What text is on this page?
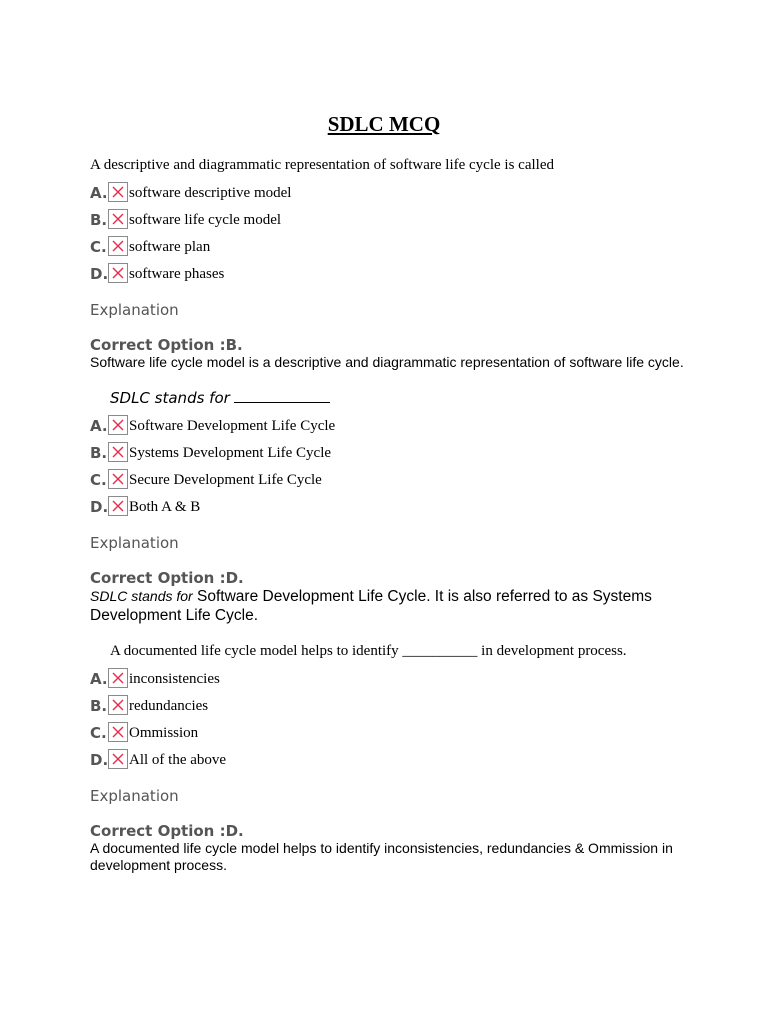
SDLC MCQ
A descriptive and diagrammatic representation of software life cycle is called
A. software descriptive model
B. software life cycle model
C. software plan
D. software phases
Explanation
Correct Option :B.
Software life cycle model is a descriptive and diagrammatic representation of software life cycle.
SDLC stands for
A. Software Development Life Cycle
B. Systems Development Life Cycle
C. Secure Development Life Cycle
D. Both A & B
Explanation
Correct Option :D.
SDLC stands for Software Development Life Cycle. It is also referred to as Systems Development Life Cycle.
A documented life cycle model helps to identify __________ in development process.
A. inconsistencies
B. redundancies
C. Ommission
D. All of the above
Explanation
Correct Option :D.
A documented life cycle model helps to identify inconsistencies, redundancies & Ommission in development process.
